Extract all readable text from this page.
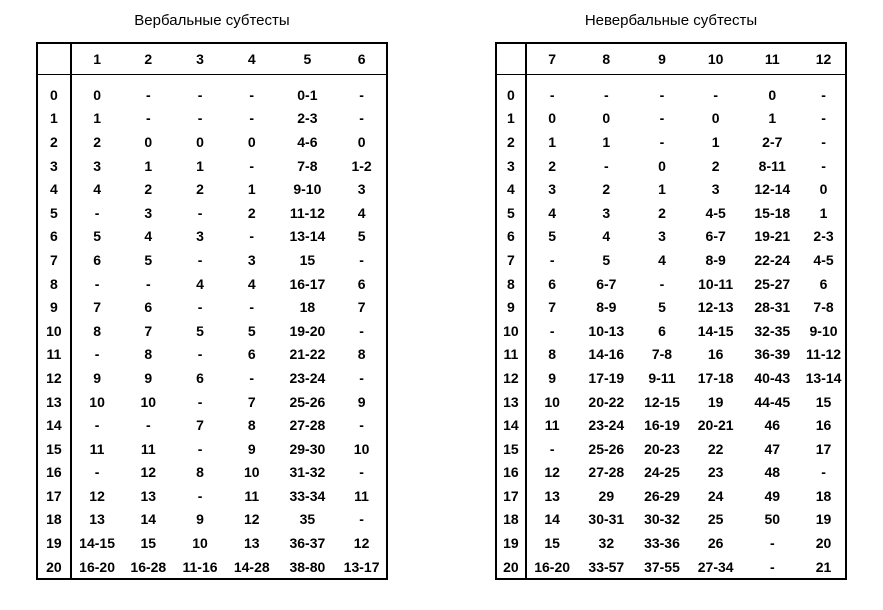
Вербальные субтесты
	1	2	3	4	5	6
0	0	-	-	-	0-1	-
1	1	-	-	-	2-3	-
2	2	0	0	0	4-6	0
3	3	1	1	-	7-8	1-2
4	4	2	2	1	9-10	3
5	-	3	-	2	11-12	4
6	5	4	3	-	13-14	5
7	6	5	-	3	15	-
8	-	-	4	4	16-17	6
9	7	6	-	-	18	7
10	8	7	5	5	19-20	-
11	-	8	-	6	21-22	8
12	9	9	6	-	23-24	-
13	10	10	-	7	25-26	9
14	-	-	7	8	27-28	-
15	11	11	-	9	29-30	10
16	-	12	8	10	31-32	-
17	12	13	-	11	33-34	11
18	13	14	9	12	35	-
19	14-15	15	10	13	36-37	12
20	16-20	16-28	11-16	14-28	38-80	13-17
Невербальные субтесты
	7	8	9	10	11	12
0	-	-	-	-	0	-
1	0	0	-	0	1	-
2	1	1	-	1	2-7	-
3	2	-	0	2	8-11	-
4	3	2	1	3	12-14	0
5	4	3	2	4-5	15-18	1
6	5	4	3	6-7	19-21	2-3
7	-	5	4	8-9	22-24	4-5
8	6	6-7	-	10-11	25-27	6
9	7	8-9	5	12-13	28-31	7-8
10	-	10-13	6	14-15	32-35	9-10
11	8	14-16	7-8	16	36-39	11-12
12	9	17-19	9-11	17-18	40-43	13-14
13	10	20-22	12-15	19	44-45	15
14	11	23-24	16-19	20-21	46	16
15	-	25-26	20-23	22	47	17
16	12	27-28	24-25	23	48	-
17	13	29	26-29	24	49	18
18	14	30-31	30-32	25	50	19
19	15	32	33-36	26	-	20
20	16-20	33-57	37-55	27-34	-	21
